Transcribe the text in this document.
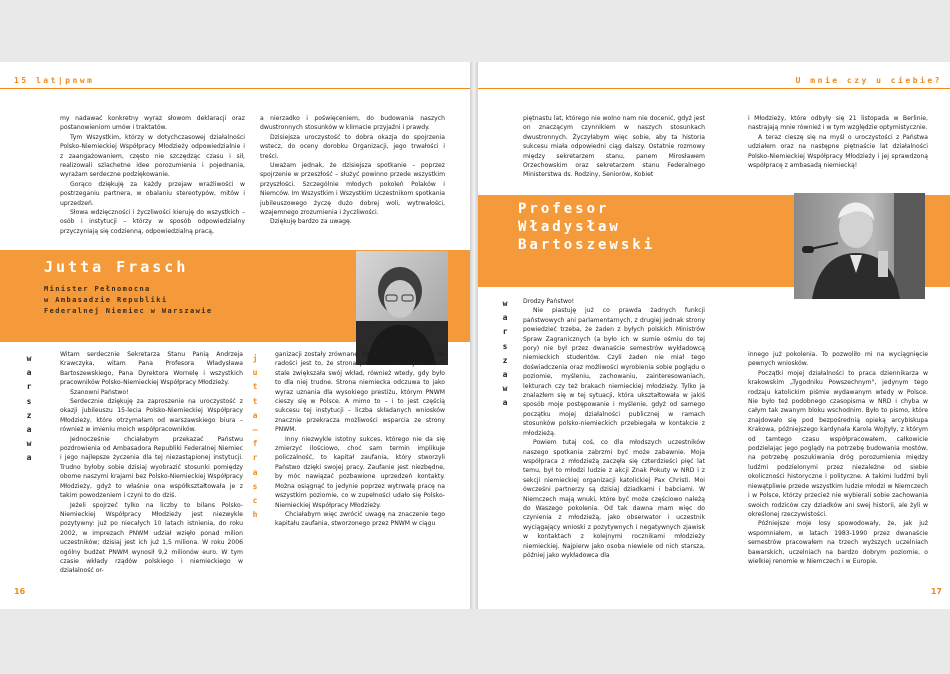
15 lat|pnwm

my nadawać konkretny wyraz słowom deklaracji oraz postanowieniom umów i traktatów.

Tym Wszystkim, którzy w dotychczasowej działalności Polsko-Niemieckiej Współpracy Młodzieży odpowiedzialnie i z zaangażowaniem, często nie szczędząc czasu i sił, realizowali szlachetne idee porozumienia i pojednania, wyrażam serdeczne podziękowanie.

Gorąco dziękuję za każdy przejaw wrażliwości w postrzeganiu partnera, w obalaniu stereotypów, mitów i uprzedzeń.

Słowa wdzięczności i życzliwości kieruję do wszystkich – osób i instytucji – którzy w sposób odpowiedzialny przyczyniają się codzienną, odpowiedzialną pracą,

a nierzadko i poświęceniem, do budowania naszych dwustronnych stosunków w klimacie przyjaźni i prawdy.

Dzisiejsza uroczystość to dobra okazja do spojrzenia wstecz, do oceny dorobku Organizacji, jego trwałości i treści.

Uważam jednak, że dzisiejsza spotkanie – poprzez spojrzenie w przeszłość – służyć powinno przede wszystkim przyszłości. Szczególnie młodych pokoleń Polaków i Niemców. Im Wszystkim i Wszystkim Uczestnikom spotkania jubileuszowego życzę dużo dobrej woli, wytrwałości, wzajemnego zrozumienia i życzliwości.

Dziękuję bardzo za uwagę.

Jutta Frasch
Minister Pełnomocna
w Ambasadzie Republiki
Federalnej Niemiec w Warszawie
w
a
r
s
z
a
w
a
j
u
t
t
a
–
f
r
a
s
c
h

Witam serdecznie Sekretarza Stanu Panią Andrzeja Krawczyka, witam Pana Profesora Władysława Bartoszewskiego, Pana Dyrektora Wornelę i wszystkich pracowników Polsko-Niemieckiej Współpracy Młodzieży.

Szanowni Państwo!

Serdecznie dziękuję za zaproszenie na uroczystość z okazji jubileuszu 15-lecia Polsko-Niemieckiej Współpracy Młodzieży, które otrzymałam od warszawskiego biura – również w imieniu moich współpracowników.

Jednocześnie chciałabym przekazać Państwu pozdrowienia od Ambasadora Republiki Federalnej Niemiec i jego najlepsze życzenia dla tej niezastąpionej instytucji. Trudno byłoby sobie dzisiaj wyobrazić stosunki pomiędzy obome naszymi krajami bez Polsko-Niemieckiej Współpracy Młodzieży, gdyż to właśnie ona współkształtowała je z takim powodzeniem i czyni to do dziś.

Jeżeli spojrzeć tylko na liczby to bilans Polsko-Niemieckiej Współpracy Młodzieży jest niezwykle pozytywny: już po niecałych 10 latach istnienia, do roku 2002, w imprezach PNWM udział wzięło ponad milion uczestników; dzisiaj jest ich już 1,5 miliona. W roku 2006 ogólny budżet PNWM wynosił 9,2 milionów euro. W tym czasie wkłady rządów polskiego i niemieckiego w działalność or-

ganizacji zostały zrównane. Szczególnym powodem do radości jest to, że strona polska w minionych latach stale zwiększała swój wkład, również wtedy, gdy było to dla niej trudne. Strona niemiecka odczuwa to jako wyraz uznania dla wysokiego prestiżu, którym PNWM cieszy się w Polsce. A mimo to – i to jest częścią sukcesu tej instytucji – liczba składanych wniosków znacznie przekracza możliwości wsparcia ze strony PNWM.

Inny niezwykle istotny sukces, którego nie da się zmierzyć ilościowo, choć sam termin implikuje policzalność, to kapitał zaufania, który stworzyli Państwo dzięki swojej pracy. Zaufanie jest niezbędne, by móc nawiązać pozbawione uprzedzeń kontakty. Można osiągnąć to jedynie poprzez wytrwałą pracę na wszystkim poziomie, co w zupełności udało się Polsko-Niemieckiej Współpracy Młodzieży.

Chciałabym więc zwrócić uwagę na znaczenie tego kapitału zaufania, stworzonego przez PNWM w ciągu

16
U mnie czy u ciebie?

piętnastu lat, którego nie wolno nam nie docenić, gdyż jest on znaczącym czynnikiem w naszych stosunkach dwustronnych. Życzyłabym więc sobie, aby ta historia sukcesu miała odpowiedni ciąg dalszy. Ostatnie rozmowy między sekretarzem stanu, panem Mirosławem Orzechowskim oraz sekretarzem stanu Federalnego Ministerstwa ds. Rodziny, Seniorów, Kobiet

i Młodzieży, które odbyły się 21 listopada w Berlinie, nastrajają mnie również i w tym względzie optymistycznie.

A teraz cieszę się na myśl o uroczystości z Państwa udziałem oraz na następne piętnaście lat działalności Polsko-Niemieckiej Współpracy Młodzieży i jej sprawdzoną współpracę z ambasadą niemiecką!

Profesor
Władysław
Bartoszewski
w
a
r
s
z
a
w
a

Drodzy Państwo!

Nie piastuję już co prawda żadnych funkcji państwowych ani parlamentarnych, z drugiej jednak strony powiedzieć trzeba, że żaden z byłych polskich Ministrów Spraw Zagranicznych (a było ich w sumie ośmiu do tej pory) nie był przez dwanaście semestrów wykładowcą niemieckich studentów. Czyli żaden nie miał tego doświadczenia oraz możliwości wyrobienia sobie poglądu o poziomie, myśleniu, zachowaniu, zainteresowaniach, lekturach czy też brakach niemieckiej młodzieży. Tylko ja znalazłem się w tej sytuacji, która ukształtowała w jakiś sposób moje postępowanie i myślenie, gdyż od samego początku mojej działalności publicznej w ramach stosunków polsko-niemieckich przebiegała w kontakcie z młodzieżą.

Powiem tutaj coś, co dla młodszych uczestników naszego spotkania zabrzmi być może zabawnie. Moja współpraca z młodzieżą zaczęła się czterdzieści pięć lat temu, był to młodzi ludzie z akcji Znak Pokuty w NRD i z sekcji niemieckiej organizacji katolickiej Pax Christi. Moi ówcześni partnerzy są dzisiaj dziadkami i babciami. W Niemczech mają wnuki, które być może częściowo należą do Waszego pokolenia. Od tak dawna mam więc do czynienia z młodzieżą, jako obserwator i uczestnik wyciągający wnioski z pozytywnych i negatywnych zjawisk w kontaktach z kolejnymi rocznikami młodzieży niemieckiej. Najpierw jako osoba niewiele od nich starsza, później jako wykładowca dla

innego już pokolenia. To pozwoliło mi na wyciągnięcie pewnych wniosków.

Początki mojej działalności to praca dziennikarza w krakowskim „Tygodniku Powszechnym", jedynym tego rodzaju katolickim piśmie wydawanym wtedy w Polsce. Nie było też podobnego czasopisma w NRD i chyba w całym tak zwanym bloku wschodnim. Było to pismo, które znajdowało się pod bezpośrednią opieką arcybiskupa Krakowa, późniejszego kardynała Karola Wojtyły, z którym od tamtego czasu współpracowałem, całkowicie podzielając jego poglądy na potrzebę budowania mostów, na potrzebę poszukiwania dróg porozumienia między ludźmi podzielonymi przez niezależne od siebie okoliczności historyczne i polityczne. A takimi ludźmi byli niewątpliwie przede wszystkim ludzie młodzi w Niemczech i w Polsce, którzy przecież nie wybierali sobie zachowania swoich rodziców czy dziadków ani swej historii, ale żyli w określonej rzeczywistości.

Późniejsze moje losy spowodowały, że, jak już wspomniałem, w latach 1983-1990 przez dwanaście semestrów pracowałem na trzech wyższych uczelniach bawarskich, uczelniach na bardzo dobrym poziomie, o wielkiej renomie w Niemczech i w Europie.

17
